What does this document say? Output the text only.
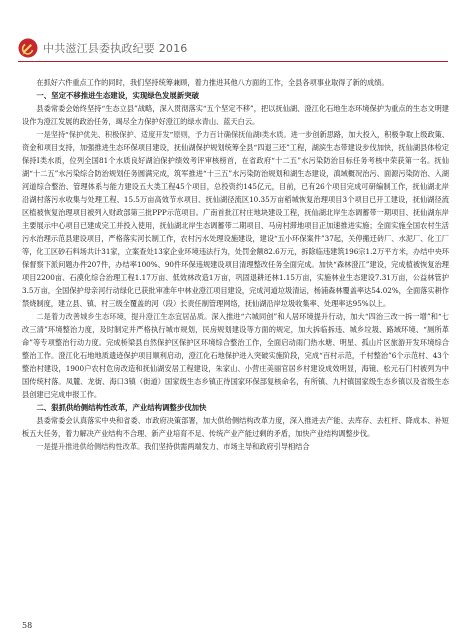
中共滋江县委执政纪要 2016

在抓好六件重点工作的同时，我们坚持统筹兼顾，着力推进其他八方面的工作，全县各项事业取得了新的成绩。

一、坚定不移推进生态建设，实现绿色发展新突破

县委常委会始终坚持“生态立县”战略，深入贯彻落实“五个坚定不移”，把以抚仙湖、澄江化石地生态环境保护为重点的生态文明建设作为澄江发展的政治任务，竭尽全力保护好澄江的绿水青山、蓝天白云。

一是坚持“保护优先、积极保护、适度开发”原则，予力百计确保抚仙湖I类水质。进一步创新思路，加大投入，积极争取上级政策、资金和项目支持，加强推进生态环保项目建设，抚仙湖保护规划统筹全县“四退三还”工程，湖滨生态带建设步伐加快，抚仙湖县体检定保持Ⅰ类水质，位列全国81个水质良好湖泊保护绩效考评审核榜首，在省政府“十二五”水污染防治目标任务考核中荣获第一名。抚仙湖“十二五”水污染综合防治规划任务圆满完成，筑军推进“十三五”水污染防治规划和湖生态建设，滇域概况治污、面源污染防治、入湖河道综合整治、管理体系与能力建设五大类工程45个项目，总投资约145亿元，目前，已有26个项目完成可研编制工作，抚仙湖北岸沿湖村落污水收集与处理工程、15.5万亩高效节水项目、抚仙湖径流区10.35万亩稻城恢复治理项目3个项目已开工建设，抚仙湖径流区植被恢复治理项目被列入财政部第三批PPP示范项目。广南首批江村庄地块建设工程，抚仙湖北岸生态调蓄带一期项目、抚仙湖东岸主要展示中心项目已建成完工并投入使用，抚仙湖北岸生态调蓄带二期项目、马房村滞地项目正加速推进实施；全面实施全国农村生活污水治理示范县建设项目，严格落实河长制工作，农村污水处理设施建设，建设“五小环保案件”37起，关停搬迁砖厂、水泥厂、化工厂等，化工区砂石料场共计31家，立案查处13家企业环境违法行为，处罚金额82.6万元，拆除临违建筑196宗1.2万平方米，办结中央环保督察下派问题办件207件，办结率100%、90件环保违规建设项目清理整改任务全面完成。加快“森林澄江”建设，完成植被恢复治理项目2200亩、石漠化综合治理工程1.17万亩、低效林改造1万亩，巩固退耕还林1.15万亩，实施林业生态建设7.31万亩，公益林管护3.5万亩，全国保护母亲河行动绿化已获批审准年中林业澄江项目建设，完成河道垃圾清运，杨浦森林覆盖率达54.02%，全面落实耕作禁烧制度，建立县、镇、村三级全覆盖的河（段）长责任制管理网络，抚仙湖沿岸垃圾收集率、处理率达95%以上。

二是着力改善城乡生态环境，提升澄江生态宜居品质。深入推进“六城同创”和人居环境提升行动，加大“四治三改一拆一增”和“七改三清”环境整治力度，及时制定并严格执行城市规划，民房规划建设等方面的规定，加大拆临拆违、城乡垃圾、路域环境、“厕所革命”等专项整治行动力度。完成桥梁县自然保护区保护区环境综合整治工作，全面启动雨门热水塘、明星、孤山片区旅游开发环境综合整治工作。澄江化石地地质遗迹保护项目顺利启动，澄江化石地保护进入突破实施阶段，完成“百村示范，千村整治”6个示范村、43个整治村建设，1900户农村危房改造和抚仙湖安居工程建设，朱家山、小营庄美丽官居乡村建设成效明显，海镜、松元石门村被列为中国传统村落。凤麓、龙街、海口3镇（街道）国家级生态乡镇正待国家环保部复核命名，有所镇、九村镇国家级生态乡镇以及省级生态县创建已完成申报工作。

二、狠抓供给侧结构性改革，产业结构调整步伐加快

县委常委会认真落实中央和省委、市政府决策部署，加大供给侧结构改革力度，深入推进去产能、去库存、去杠杆、降成本、补短板五大任务，着力解决产业结构不合理、新产业培育不足、传统产业产能过剩的矛盾，加快产业结构调整步伐。

一是提升推进供给侧结构性改革。我们坚持供需两端发力、市场主导和政府引导相结合

58
